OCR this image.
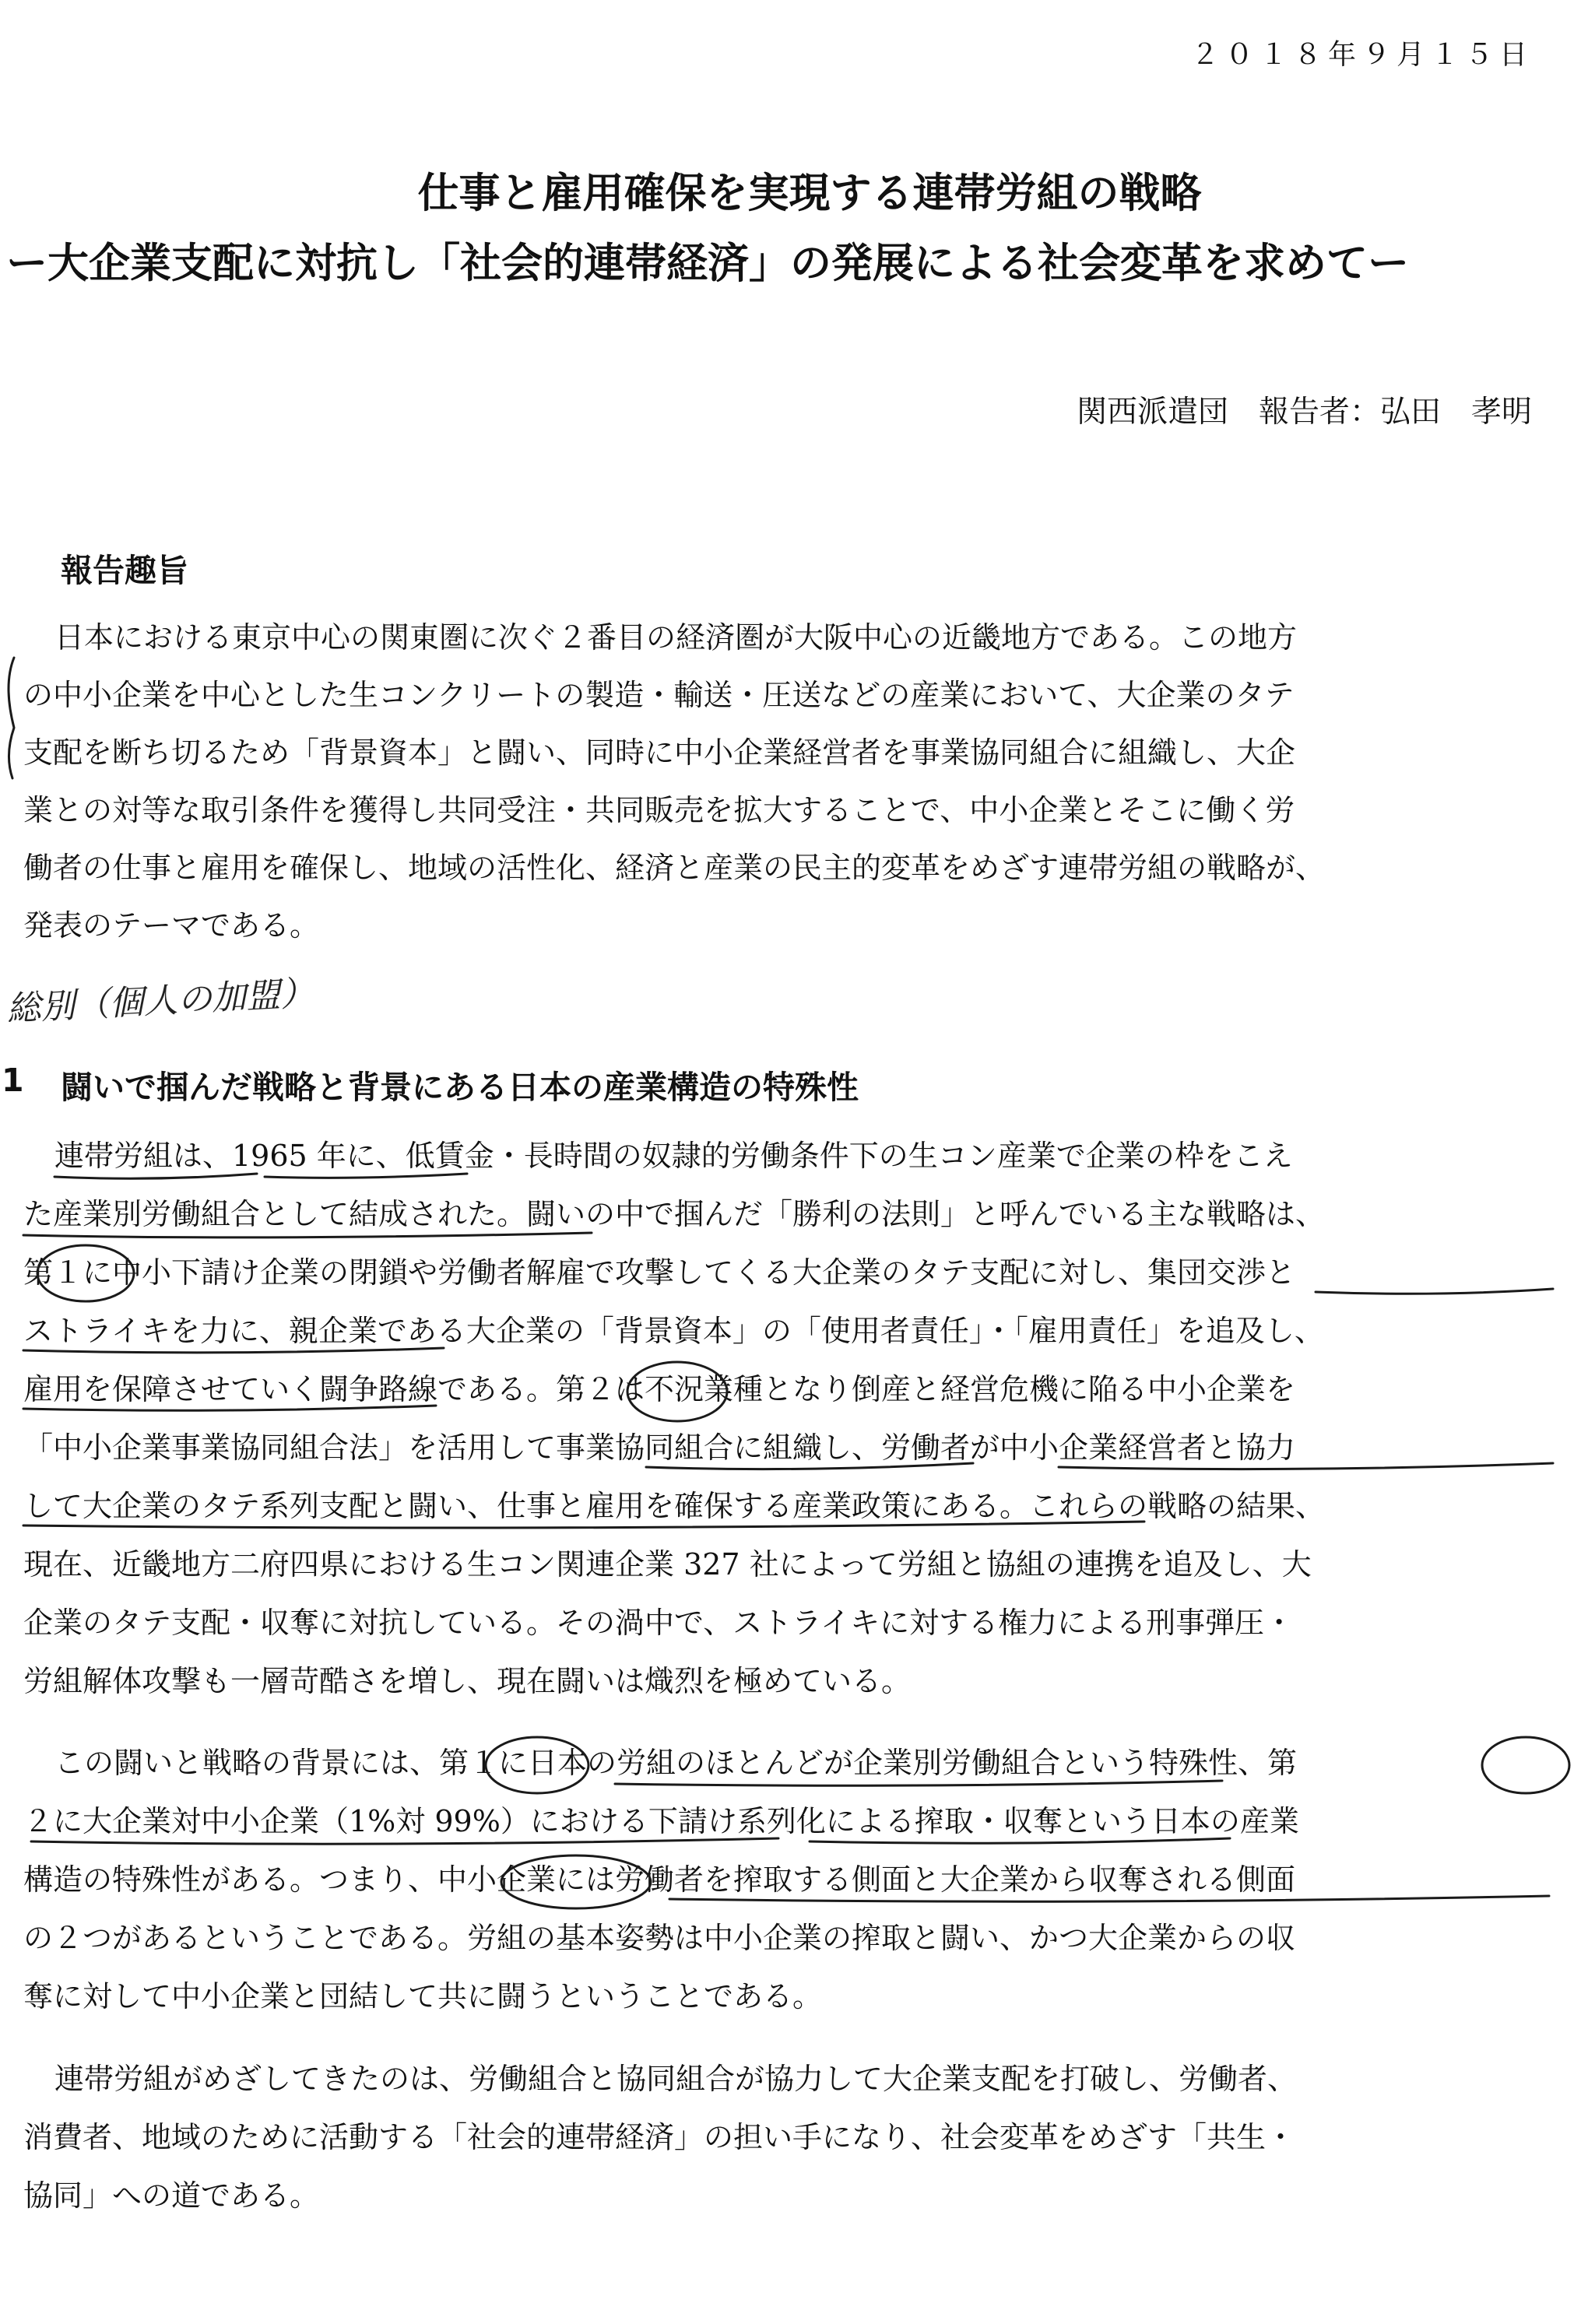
２０１８年９月１５日
仕事と雇用確保を実現する連帯労組の戦略
ー大企業支配に対抗し「社会的連帯経済」の発展による社会変革を求めてー
関西派遣団　報告者：弘田　孝明
報告趣旨
日本における東京中心の関東圏に次ぐ２番目の経済圏が大阪中心の近畿地方である。この地方
の中小企業を中心とした生コンクリートの製造・輸送・圧送などの産業において、大企業のタテ
支配を断ち切るため「背景資本」と闘い、同時に中小企業経営者を事業協同組合に組織し、大企
業との対等な取引条件を獲得し共同受注・共同販売を拡大することで、中小企業とそこに働く労
働者の仕事と雇用を確保し、地域の活性化、経済と産業の民主的変革をめざす連帯労組の戦略が、
発表のテーマである。
総別（個人の加盟）
1 闘いで掴んだ戦略と背景にある日本の産業構造の特殊性
連帯労組は、1965 年に、低賃金・長時間の奴隷的労働条件下の生コン産業で企業の枠をこえ
た産業別労働組合として結成された。闘いの中で掴んだ「勝利の法則」と呼んでいる主な戦略は、
第１に中小下請け企業の閉鎖や労働者解雇で攻撃してくる大企業のタテ支配に対し、集団交渉と
ストライキを力に、親企業である大企業の「背景資本」の「使用者責任」・「雇用責任」を追及し、
雇用を保障させていく闘争路線である。第２は不況業種となり倒産と経営危機に陥る中小企業を
「中小企業事業協同組合法」を活用して事業協同組合に組織し、労働者が中小企業経営者と協力
して大企業のタテ系列支配と闘い、仕事と雇用を確保する産業政策にある。これらの戦略の結果、
現在、近畿地方二府四県における生コン関連企業 327 社によって労組と協組の連携を追及し、大
企業のタテ支配・収奪に対抗している。その渦中で、ストライキに対する権力による刑事弾圧・
労組解体攻撃も一層苛酷さを増し、現在闘いは熾烈を極めている。
この闘いと戦略の背景には、第１に日本の労組のほとんどが企業別労働組合という特殊性、第
２に大企業対中小企業（1%対 99%）における下請け系列化による搾取・収奪という日本の産業
構造の特殊性がある。つまり、中小企業には労働者を搾取する側面と大企業から収奪される側面
の２つがあるということである。労組の基本姿勢は中小企業の搾取と闘い、かつ大企業からの収
奪に対して中小企業と団結して共に闘うということである。
連帯労組がめざしてきたのは、労働組合と協同組合が協力して大企業支配を打破し、労働者、
消費者、地域のために活動する「社会的連帯経済」の担い手になり、社会変革をめざす「共生・
協同」への道である。
